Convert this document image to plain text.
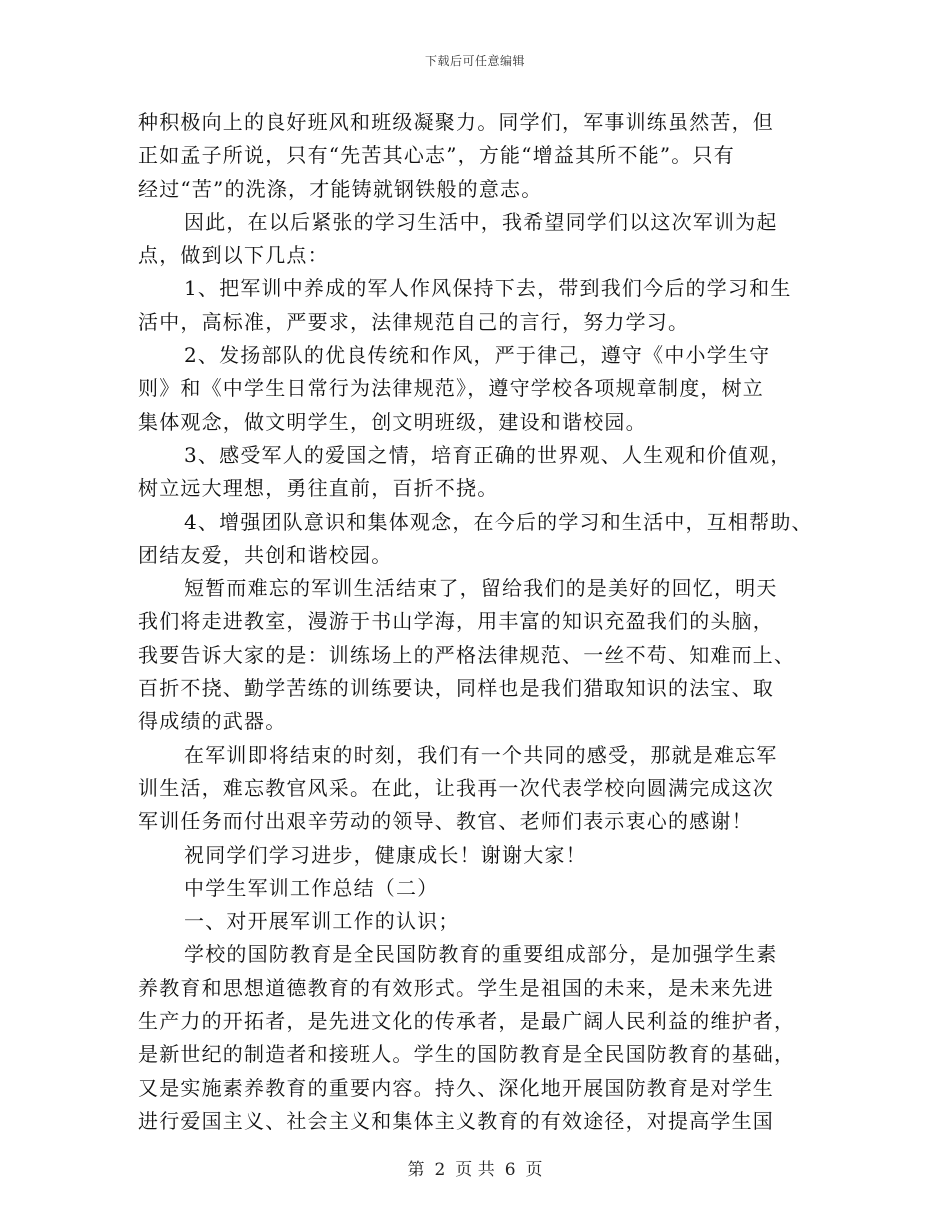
下载后可任意编辑
种积极向上的良好班风和班级凝聚力。同学们，军事训练虽然苦，但
正如孟子所说，只有“先苦其心志”，方能“增益其所不能”。只有
经过“苦”的洗涤，才能铸就钢铁般的意志。
因此，在以后紧张的学习生活中，我希望同学们以这次军训为起
点，做到以下几点：
1、把军训中养成的军人作风保持下去，带到我们今后的学习和生
活中，高标准，严要求，法律规范自己的言行，努力学习。
2、发扬部队的优良传统和作风，严于律己，遵守《中小学生守
则》和《中学生日常行为法律规范》，遵守学校各项规章制度，树立
集体观念，做文明学生，创文明班级，建设和谐校园。
3、感受军人的爱国之情，培育正确的世界观、人生观和价值观，
树立远大理想，勇往直前，百折不挠。
4、增强团队意识和集体观念，在今后的学习和生活中，互相帮助、
团结友爱，共创和谐校园。
短暂而难忘的军训生活结束了，留给我们的是美好的回忆，明天
我们将走进教室，漫游于书山学海，用丰富的知识充盈我们的头脑，
我要告诉大家的是：训练场上的严格法律规范、一丝不苟、知难而上、
百折不挠、勤学苦练的训练要诀，同样也是我们猎取知识的法宝、取
得成绩的武器。
在军训即将结束的时刻，我们有一个共同的感受，那就是难忘军
训生活，难忘教官风采。在此，让我再一次代表学校向圆满完成这次
军训任务而付出艰辛劳动的领导、教官、老师们表示衷心的感谢！
祝同学们学习进步，健康成长！谢谢大家！
中学生军训工作总结（二）
一、对开展军训工作的认识；
学校的国防教育是全民国防教育的重要组成部分，是加强学生素
养教育和思想道德教育的有效形式。学生是祖国的未来，是未来先进
生产力的开拓者，是先进文化的传承者，是最广阔人民利益的维护者，
是新世纪的制造者和接班人。学生的国防教育是全民国防教育的基础，
又是实施素养教育的重要内容。持久、深化地开展国防教育是对学生
进行爱国主义、社会主义和集体主义教育的有效途径，对提高学生国
第 2 页 共 6 页
